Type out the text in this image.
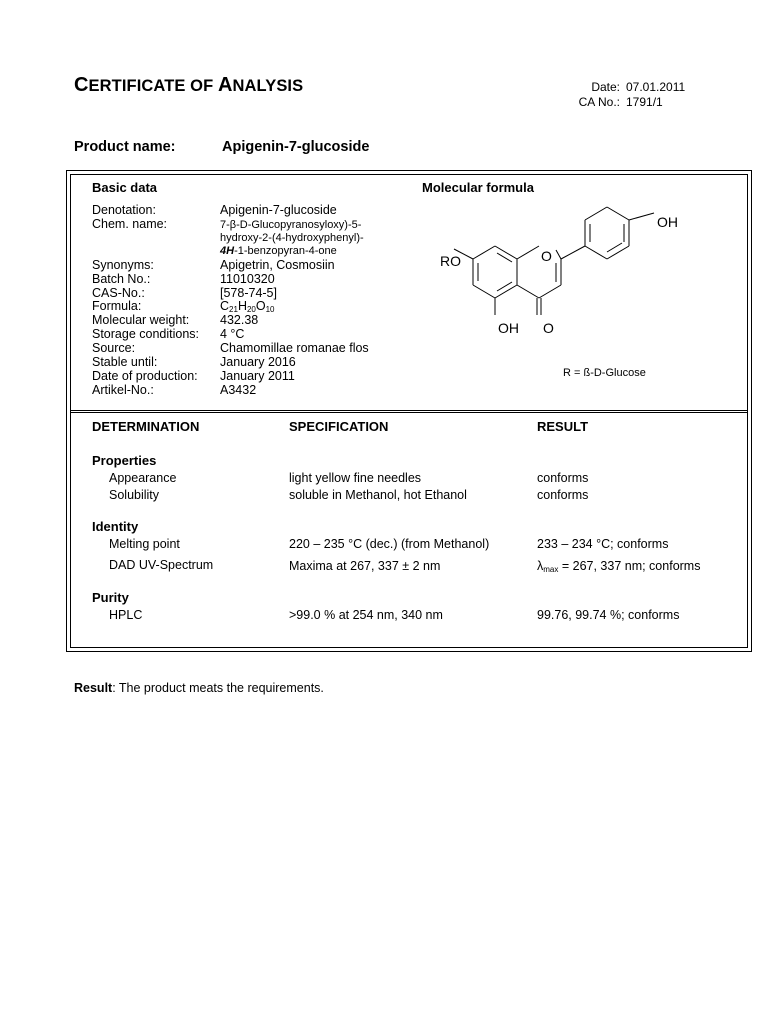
CERTIFICATE OF ANALYSIS	Date: 07.01.2011
CA No.: 1791/1
Product name:	Apigenin-7-glucoside
Basic data	Molecular formula
Denotation:	Apigenin-7-glucoside
Chem. name:	7-β-D-Glucopyranosyloxy)-5-
hydroxy-2-(4-hydroxyphenyl)-
4H-1-benzopyran-4-one
Synonyms:	Apigetrin, Cosmosiin
Batch No.:	11010320
CAS-No.:	[578-74-5]
Formula:	$C_{21}H_{20}O_{10}$
Molecular weight: 432.38
Storage conditions: 4 °C
Source:	Chamomillae romanae flos
Stable until:	January 2016
Date of production: January 2011
Artikel-No.:	A3432
OH
RO	O
OH O
R = ß-D-Glucose
DETERMINATION	SPECIFICATION	RESULT
Properties
Appearance	light yellow fine needles	conforms
Solubility	soluble in Methanol, hot Ethanol	conforms
Identity
Melting point	220 – 235 °C (dec.) (from Methanol)	233 – 234 °C; conforms
DAD UV-Spectrum	Maxima at 267, 337 ± 2 nm	$\lambda_{max} = 267$, 337 nm; conforms
Purity
HPLC	>99.0 % at 254 nm, 340 nm	99.76, 99.74 %; conforms
Result: The product meats the requirements.
